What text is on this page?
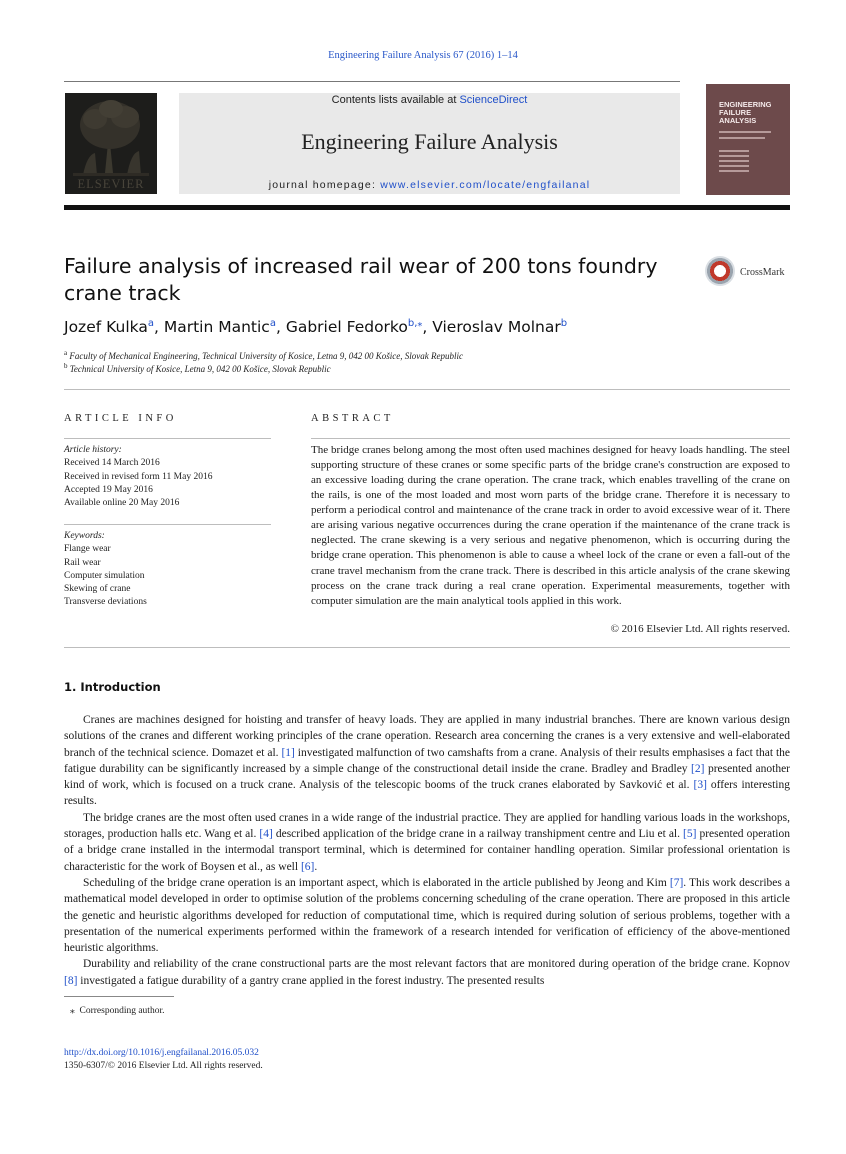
Engineering Failure Analysis 67 (2016) 1–14
ELSEVIER
Contents lists available at ScienceDirect
Engineering Failure Analysis
journal homepage: www.elsevier.com/locate/engfailanal
ENGINEERING
FAILURE
ANALYSIS
Failure analysis of increased rail wear of 200 tons foundry crane track
CrossMark
Jozef Kulka$^a$, Martin Mantic$^a$, Gabriel Fedorko$^{b,⁎}$, Vieroslav Molnar$^b$
$^a$ Faculty of Mechanical Engineering, Technical University of Kosice, Letna 9, 042 00 Košice, Slovak Republic
$^b$ Technical University of Kosice, Letna 9, 042 00 Košice, Slovak Republic
ARTICLE INFO
Article history:
Received 14 March 2016
Received in revised form 11 May 2016
Accepted 19 May 2016
Available online 20 May 2016
Keywords:
Flange wear
Rail wear
Computer simulation
Skewing of crane
Transverse deviations
ABSTRACT
The bridge cranes belong among the most often used machines designed for heavy loads handling. The steel supporting structure of these cranes or some specific parts of the bridge crane's construction are exposed to an excessive loading during the crane operation. The crane track, which enables travelling of the crane on the rails, is one of the most loaded and most worn parts of the bridge crane. Therefore it is necessary to perform a periodical control and maintenance of the crane track in order to avoid excessive wear of it. There are arising various negative occurrences during the crane operation if the maintenance of the crane track is neglected. The crane skewing is a very serious and negative phenomenon, which is occurring during the bridge crane operation. This phenomenon is able to cause a wheel lock of the crane or even a fall-out of the crane travel mechanism from the crane track. There is described in this article analysis of the crane skewing process on the crane track during a real crane operation. Experimental measurements, together with computer simulation are the main analytical tools applied in this work.
© 2016 Elsevier Ltd. All rights reserved.
1. Introduction

Cranes are machines designed for hoisting and transfer of heavy loads. They are applied in many industrial branches. There are known various design solutions of the cranes and different working principles of the crane operation. Research area concerning the cranes is a very extensive and well-elaborated branch of the technical science. Domazet et al. [1] investigated malfunction of two camshafts from a crane. Analysis of their results emphasises a fact that the fatigue durability can be significantly increased by a simple change of the constructional detail inside the crane. Bradley and Bradley [2] presented another kind of work, which is focused on a truck crane. Analysis of the telescopic booms of the truck cranes elaborated by Savković et al. [3] offers interesting results.

The bridge cranes are the most often used cranes in a wide range of the industrial practice. They are applied for handling various loads in the workshops, storages, production halls etc. Wang et al. [4] described application of the bridge crane in a railway transhipment centre and Liu et al. [5] presented operation of a bridge crane installed in the intermodal transport terminal, which is determined for container handling operation. Similar professional orientation is characteristic for the work of Boysen et al., as well [6].

Scheduling of the bridge crane operation is an important aspect, which is elaborated in the article published by Jeong and Kim [7]. This work describes a mathematical model developed in order to optimise solution of the problems concerning scheduling of the crane operation. There are proposed in this article the genetic and heuristic algorithms developed for reduction of computational time, which is required during solution of serious problems, together with a presentation of the numerical experiments performed within the framework of a research intended for verification of efficiency of the above-mentioned heuristic algorithms.

Durability and reliability of the crane constructional parts are the most relevant factors that are monitored during operation of the bridge crane. Kopnov [8] investigated a fatigue durability of a gantry crane applied in the forest industry. The presented results

⁎ Corresponding author.
http://dx.doi.org/10.1016/j.engfailanal.2016.05.032
1350-6307/© 2016 Elsevier Ltd. All rights reserved.
